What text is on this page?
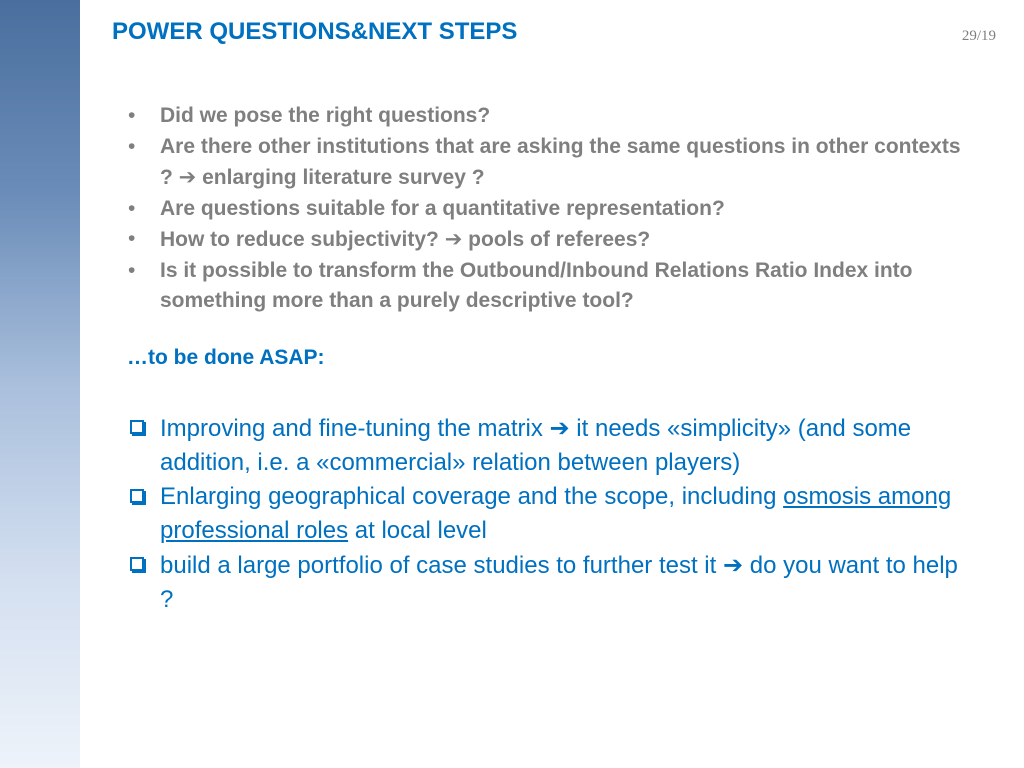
POWER QUESTIONS&NEXT STEPS	29/19
• Did we pose the right questions?
• Are there other institutions that are asking the same questions in other contexts ? ➔ enlarging literature survey ?
• Are questions suitable for a quantitative representation?
• How to reduce subjectivity? ➔ pools of referees?
• Is it possible to transform the Outbound/Inbound Relations Ratio Index into something more than a purely descriptive tool?
…to be done ASAP:
Improving and fine-tuning the matrix ➔ it needs «simplicity» (and some addition, i.e. a «commercial» relation between players)
Enlarging geographical coverage and the scope, including osmosis among professional roles at local level
build a large portfolio of case studies to further test it ➔ do you want to help ?
